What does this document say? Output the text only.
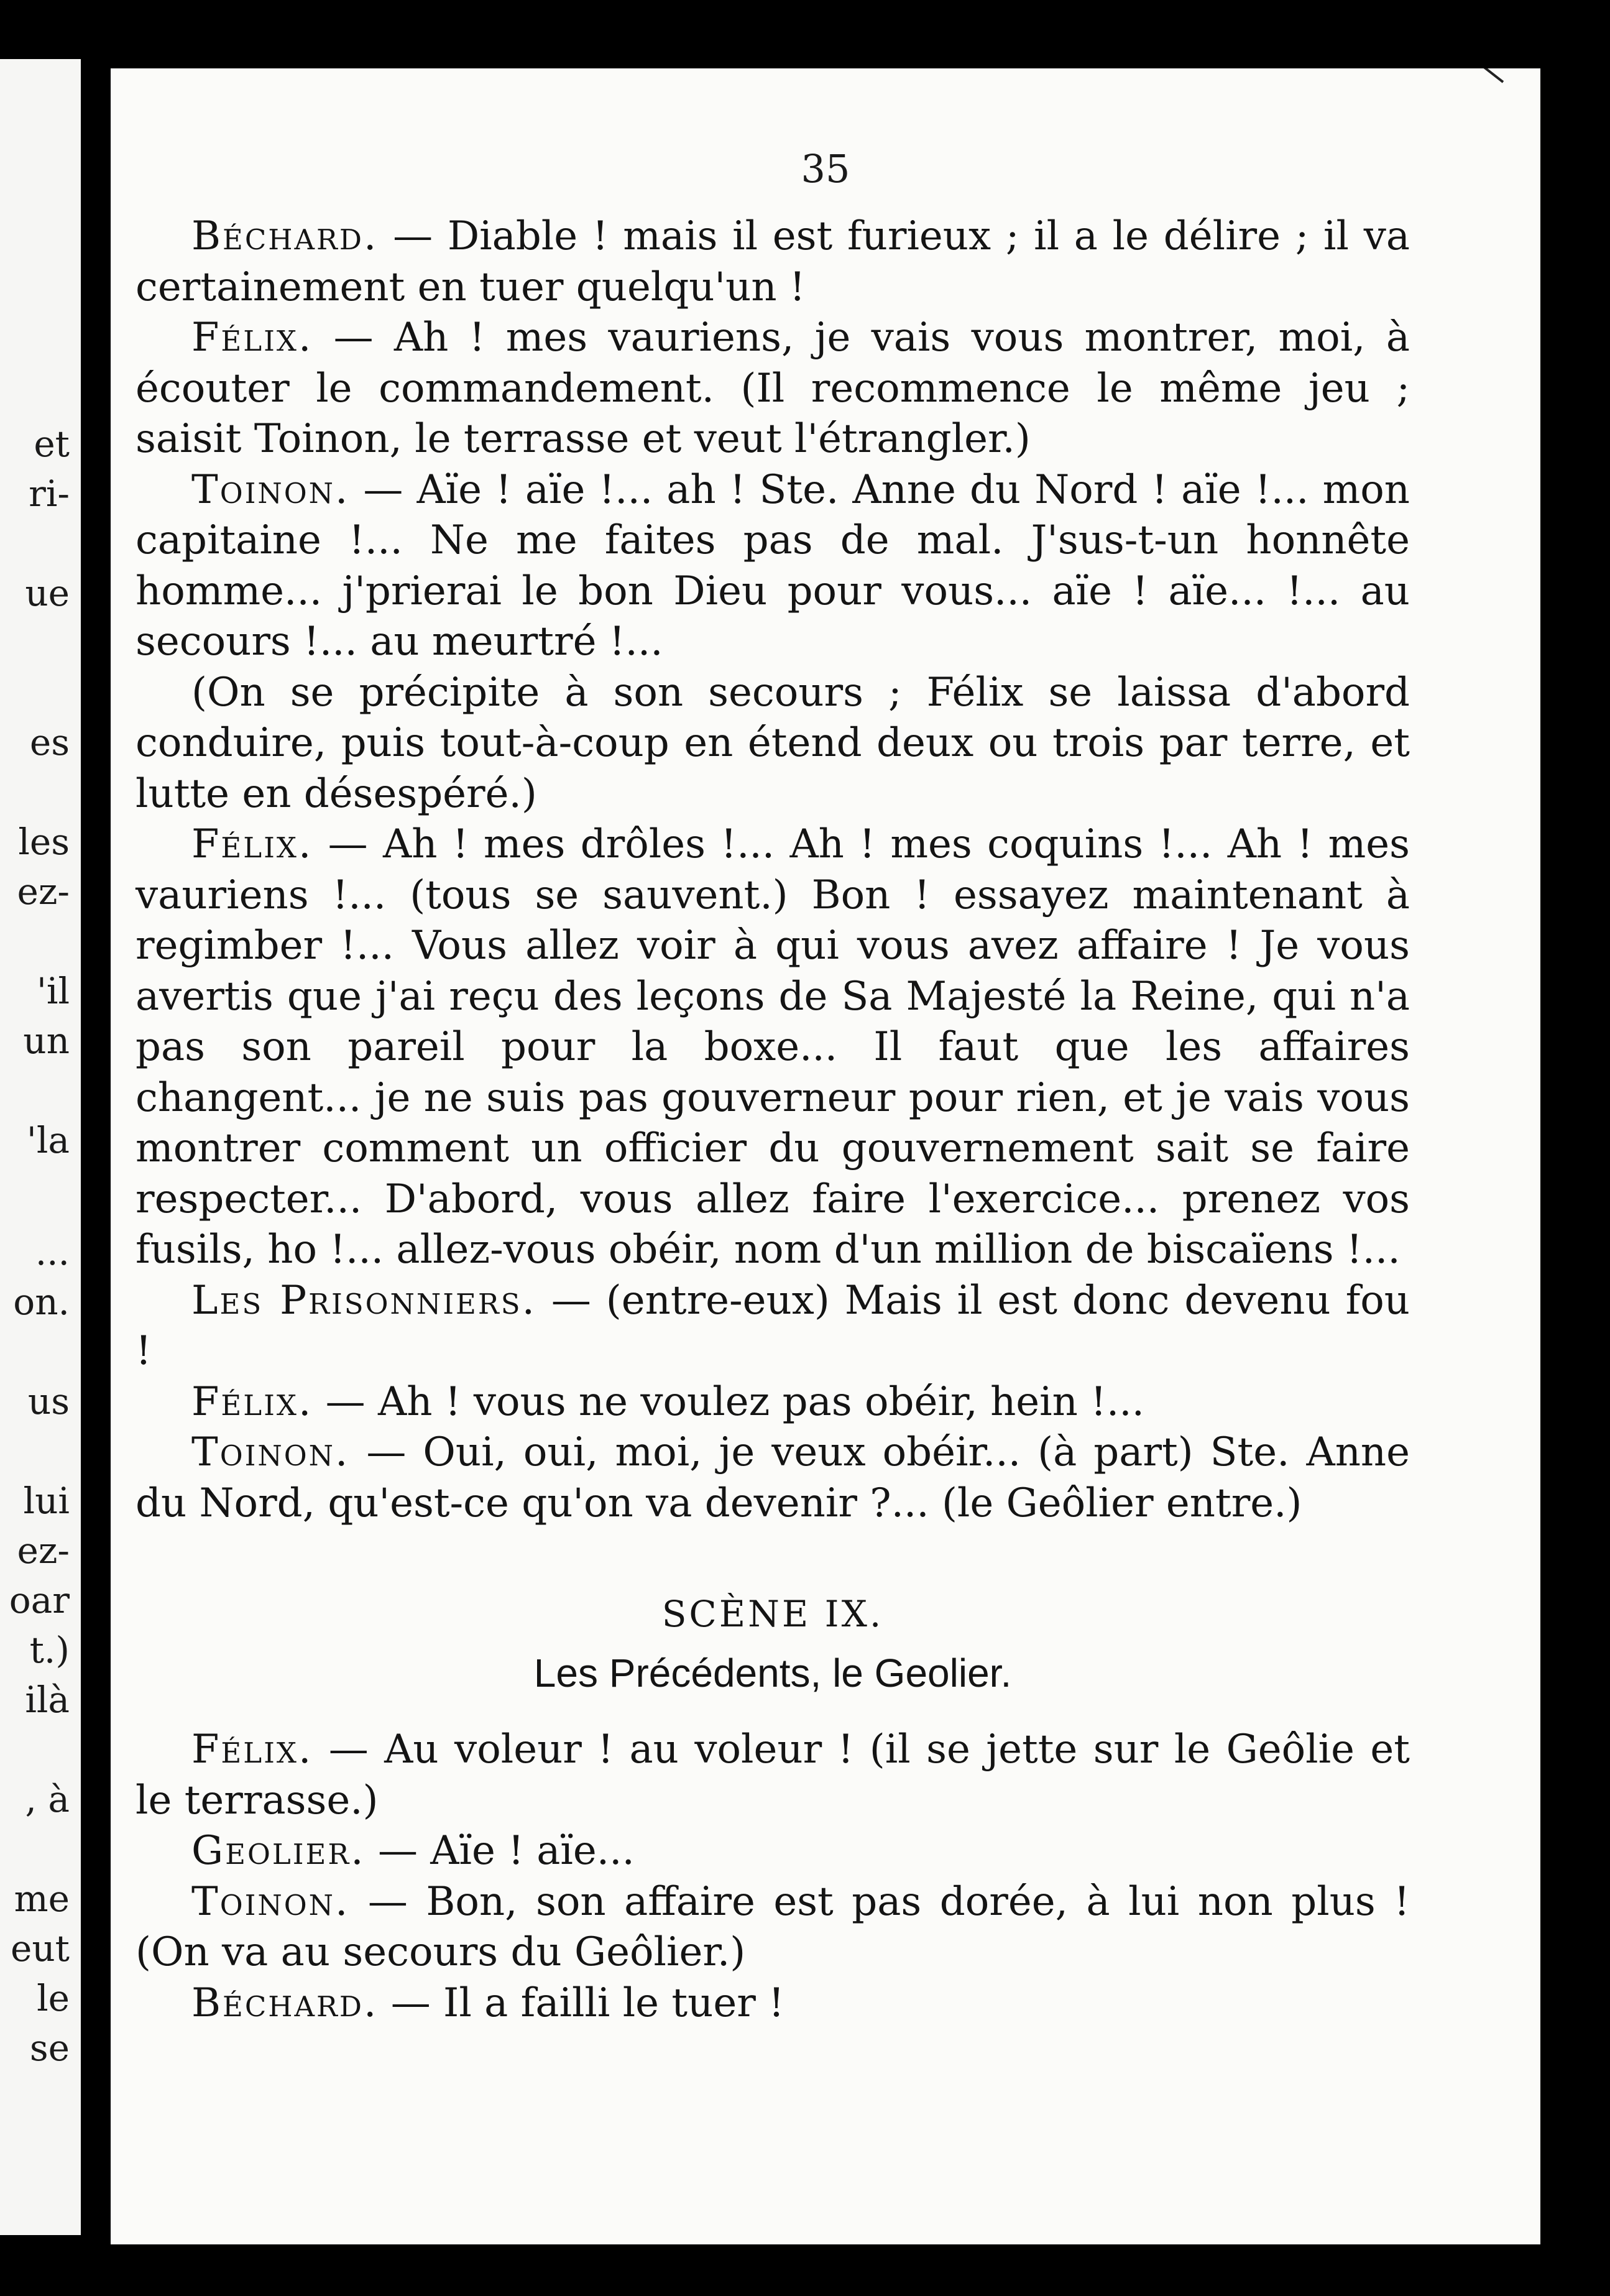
et
ri-
ue
es
les
ez-
'il
un
'la
...
on.
us
lui
ez-
oar
t.)
ilà
, à
me
eut
le
se
35

Béchard. — Diable ! mais il est furieux ; il a le délire ; il va certainement en tuer quelqu'un !

Félix. — Ah ! mes vauriens, je vais vous montrer, moi, à écouter le commandement. (Il recommence le même jeu ; saisit Toinon, le terrasse et veut l'étrangler.)

Toinon. — Aïe ! aïe !... ah ! Ste. Anne du Nord ! aïe !... mon capitaine !... Ne me faites pas de mal. J'sus-t-un honnête homme... j'prierai le bon Dieu pour vous... aïe ! aïe... !... au secours !... au meurtré !...

(On se précipite à son secours ; Félix se laissa d'abord conduire, puis tout-à-coup en étend deux ou trois par terre, et lutte en désespéré.)

Félix. — Ah ! mes drôles !... Ah ! mes coquins !... Ah ! mes vauriens !... (tous se sauvent.) Bon ! essayez maintenant à regimber !... Vous allez voir à qui vous avez affaire ! Je vous avertis que j'ai reçu des leçons de Sa Majesté la Reine, qui n'a pas son pareil pour la boxe... Il faut que les affaires changent... je ne suis pas gouverneur pour rien, et je vais vous montrer comment un officier du gouvernement sait se faire respecter... D'abord, vous allez faire l'exercice... prenez vos fusils, ho !... allez-vous obéir, nom d'un million de biscaïens !...

Les Prisonniers. — (entre-eux) Mais il est donc devenu fou !

Félix. — Ah ! vous ne voulez pas obéir, hein !...

Toinon. — Oui, oui, moi, je veux obéir... (à part) Ste. Anne du Nord, qu'est-ce qu'on va devenir ?... (le Geôlier entre.)

SCÈNE IX.
Les Précédents, le Geolier.

Félix. — Au voleur ! au voleur ! (il se jette sur le Geôlie et le terrasse.)

Geolier. — Aïe ! aïe...

Toinon. — Bon, son affaire est pas dorée, à lui non plus ! (On va au secours du Geôlier.)

Béchard. — Il a failli le tuer !
